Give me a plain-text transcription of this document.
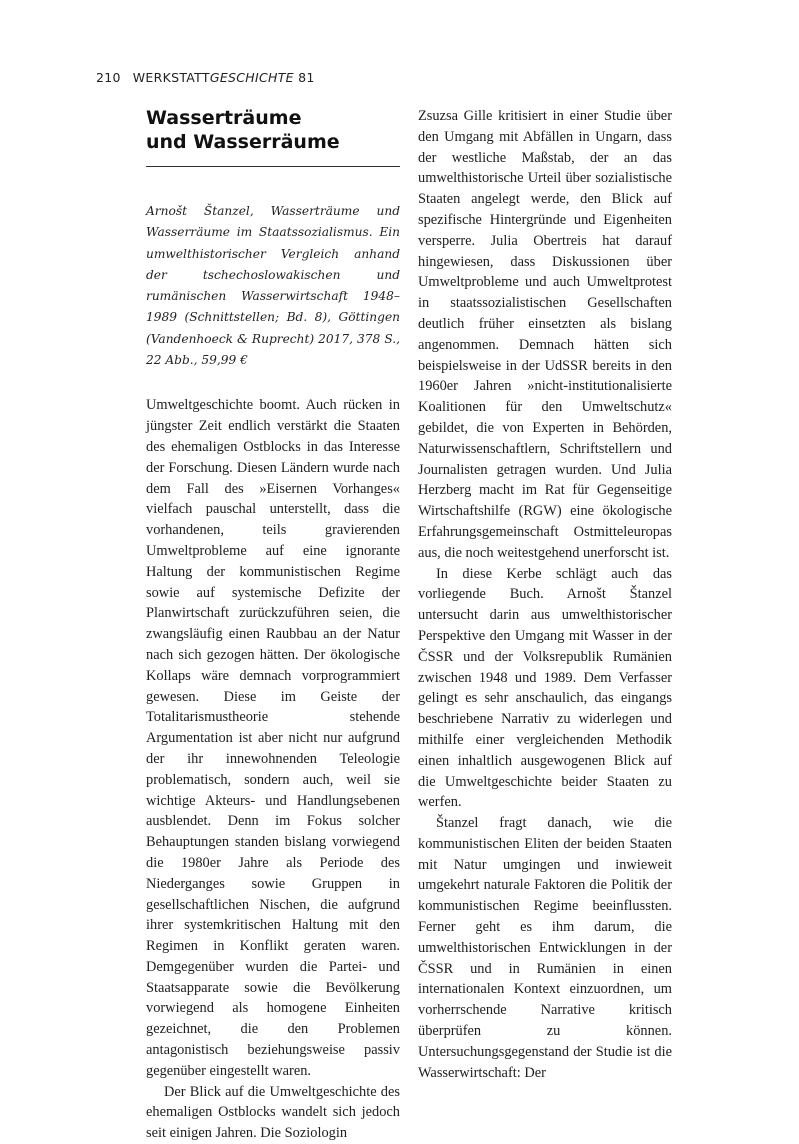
210 WERKSTATT GESCHICHTE
81
Wasserträume
und Wasserräume

Arnošt Štanzel, Wasserträume und Wasserräume im Staatssozialismus. Ein umwelthistorischer Vergleich anhand der tschechoslowakischen und rumänischen Wasserwirtschaft 1948–1989 (Schnittstellen; Bd. 8), Göttingen (Vandenhoeck & Ruprecht) 2017, 378 S., 22 Abb., 59,99 €

Umweltgeschichte boomt. Auch rücken in jüngster Zeit endlich verstärkt die Staaten des ehemaligen Ostblocks in das Interesse der Forschung. Diesen Ländern wurde nach dem Fall des »Eisernen Vorhanges« vielfach pauschal unterstellt, dass die vorhandenen, teils gravierenden Umweltprobleme auf eine ignorante Haltung der kommunistischen Regime sowie auf systemische Defizite der Planwirtschaft zurückzuführen seien, die zwangsläufig einen Raubbau an der Natur nach sich gezogen hätten. Der ökologische Kollaps wäre demnach vorprogrammiert gewesen. Diese im Geiste der Totalitarismustheorie stehende Argumentation ist aber nicht nur aufgrund der ihr innewohnenden Teleologie problematisch, sondern auch, weil sie wichtige Akteurs- und Handlungsebenen ausblendet. Denn im Fokus solcher Behauptungen standen bislang vorwiegend die 1980er Jahre als Periode des Niederganges sowie Gruppen in gesellschaftlichen Nischen, die aufgrund ihrer systemkritischen Haltung mit den Regimen in Konflikt geraten waren. Demgegenüber wurden die Partei- und Staatsapparate sowie die Bevölkerung vorwiegend als homogene Einheiten gezeichnet, die den Problemen antagonistisch beziehungsweise passiv gegenüber eingestellt waren.

Der Blick auf die Umweltgeschichte des ehemaligen Ostblocks wandelt sich jedoch seit einigen Jahren. Die Soziologin

Zsuzsa Gille kritisiert in einer Studie über den Umgang mit Abfällen in Ungarn, dass der westliche Maßstab, der an das umwelthistorische Urteil über sozialistische Staaten angelegt werde, den Blick auf spezifische Hintergründe und Eigenheiten versperre. Julia Obertreis hat darauf hingewiesen, dass Diskussionen über Umweltprobleme und auch Umweltprotest in staatssozialistischen Gesellschaften deutlich früher einsetzten als bislang angenommen. Demnach hätten sich beispielsweise in der UdSSR bereits in den 1960er Jahren »nicht-institutionalisierte Koalitionen für den Umweltschutz« gebildet, die von Experten in Behörden, Naturwissenschaftlern, Schriftstellern und Journalisten getragen wurden. Und Julia Herzberg macht im Rat für Gegenseitige Wirtschaftshilfe (RGW) eine ökologische Erfahrungsgemeinschaft Ostmitteleuropas aus, die noch weitestgehend unerforscht ist.

In diese Kerbe schlägt auch das vorliegende Buch. Arnošt Štanzel untersucht darin aus umwelthistorischer Perspektive den Umgang mit Wasser in der ČSSR und der Volksrepublik Rumänien zwischen 1948 und 1989. Dem Verfasser gelingt es sehr anschaulich, das eingangs beschriebene Narrativ zu widerlegen und mithilfe einer vergleichenden Methodik einen inhaltlich ausgewogenen Blick auf die Umweltgeschichte beider Staaten zu werfen.

Štanzel fragt danach, wie die kommunistischen Eliten der beiden Staaten mit Natur umgingen und inwieweit umgekehrt naturale Faktoren die Politik der kommunistischen Regime beeinflussten. Ferner geht es ihm darum, die umwelthistorischen Entwicklungen in der ČSSR und in Rumänien in einen internationalen Kontext einzuordnen, um vorherrschende Narrative kritisch überprüfen zu können. Untersuchungsgegenstand der Studie ist die Wasserwirtschaft: Der
